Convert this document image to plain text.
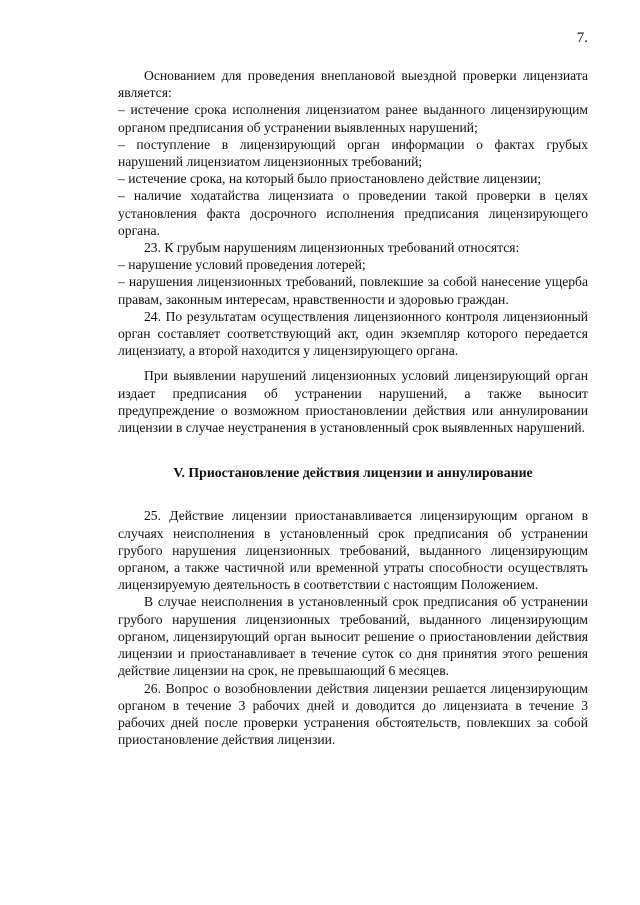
7.

Основанием для проведения внеплановой выездной проверки лицензиата является:

– истечение срока исполнения лицензиатом ранее выданного лицензирующим органом предписания об устранении выявленных нарушений;

– поступление в лицензирующий орган информации о фактах грубых нарушений лицензиатом лицензионных требований;

– истечение срока, на который было приостановлено действие лицензии;

– наличие ходатайства лицензиата о проведении такой проверки в целях установления факта досрочного исполнения предписания лицензирующего органа.

23. К грубым нарушениям лицензионных требований относятся:

– нарушение условий проведения лотерей;

– нарушения лицензионных требований, повлекшие за собой нанесение ущерба правам, законным интересам, нравственности и здоровью граждан.

24. По результатам осуществления лицензионного контроля лицензионный орган составляет соответствующий акт, один экземпляр которого передается лицензиату, а второй находится у лицензирующего органа.

При выявлении нарушений лицензионных условий лицензирующий орган издает предписания об устранении нарушений, а также выносит предупреждение о возможном приостановлении действия или аннулировании лицензии в случае неустранения в установленный срок выявленных нарушений.

V. Приостановление действия лицензии и аннулирование

25. Действие лицензии приостанавливается лицензирующим органом в случаях неисполнения в установленный срок предписания об устранении грубого нарушения лицензионных требований, выданного лицензирующим органом, а также частичной или временной утраты способности осуществлять лицензируемую деятельность в соответствии с настоящим Положением.

В случае неисполнения в установленный срок предписания об устранении грубого нарушения лицензионных требований, выданного лицензирующим органом, лицензирующий орган выносит решение о приостановлении действия лицензии и приостанавливает в течение суток со дня принятия этого решения действие лицензии на срок, не превышающий 6 месяцев.

26. Вопрос о возобновлении действия лицензии решается лицензирующим органом в течение 3 рабочих дней и доводится до лицензиата в течение 3 рабочих дней после проверки устранения обстоятельств, повлекших за собой приостановление действия лицензии.
